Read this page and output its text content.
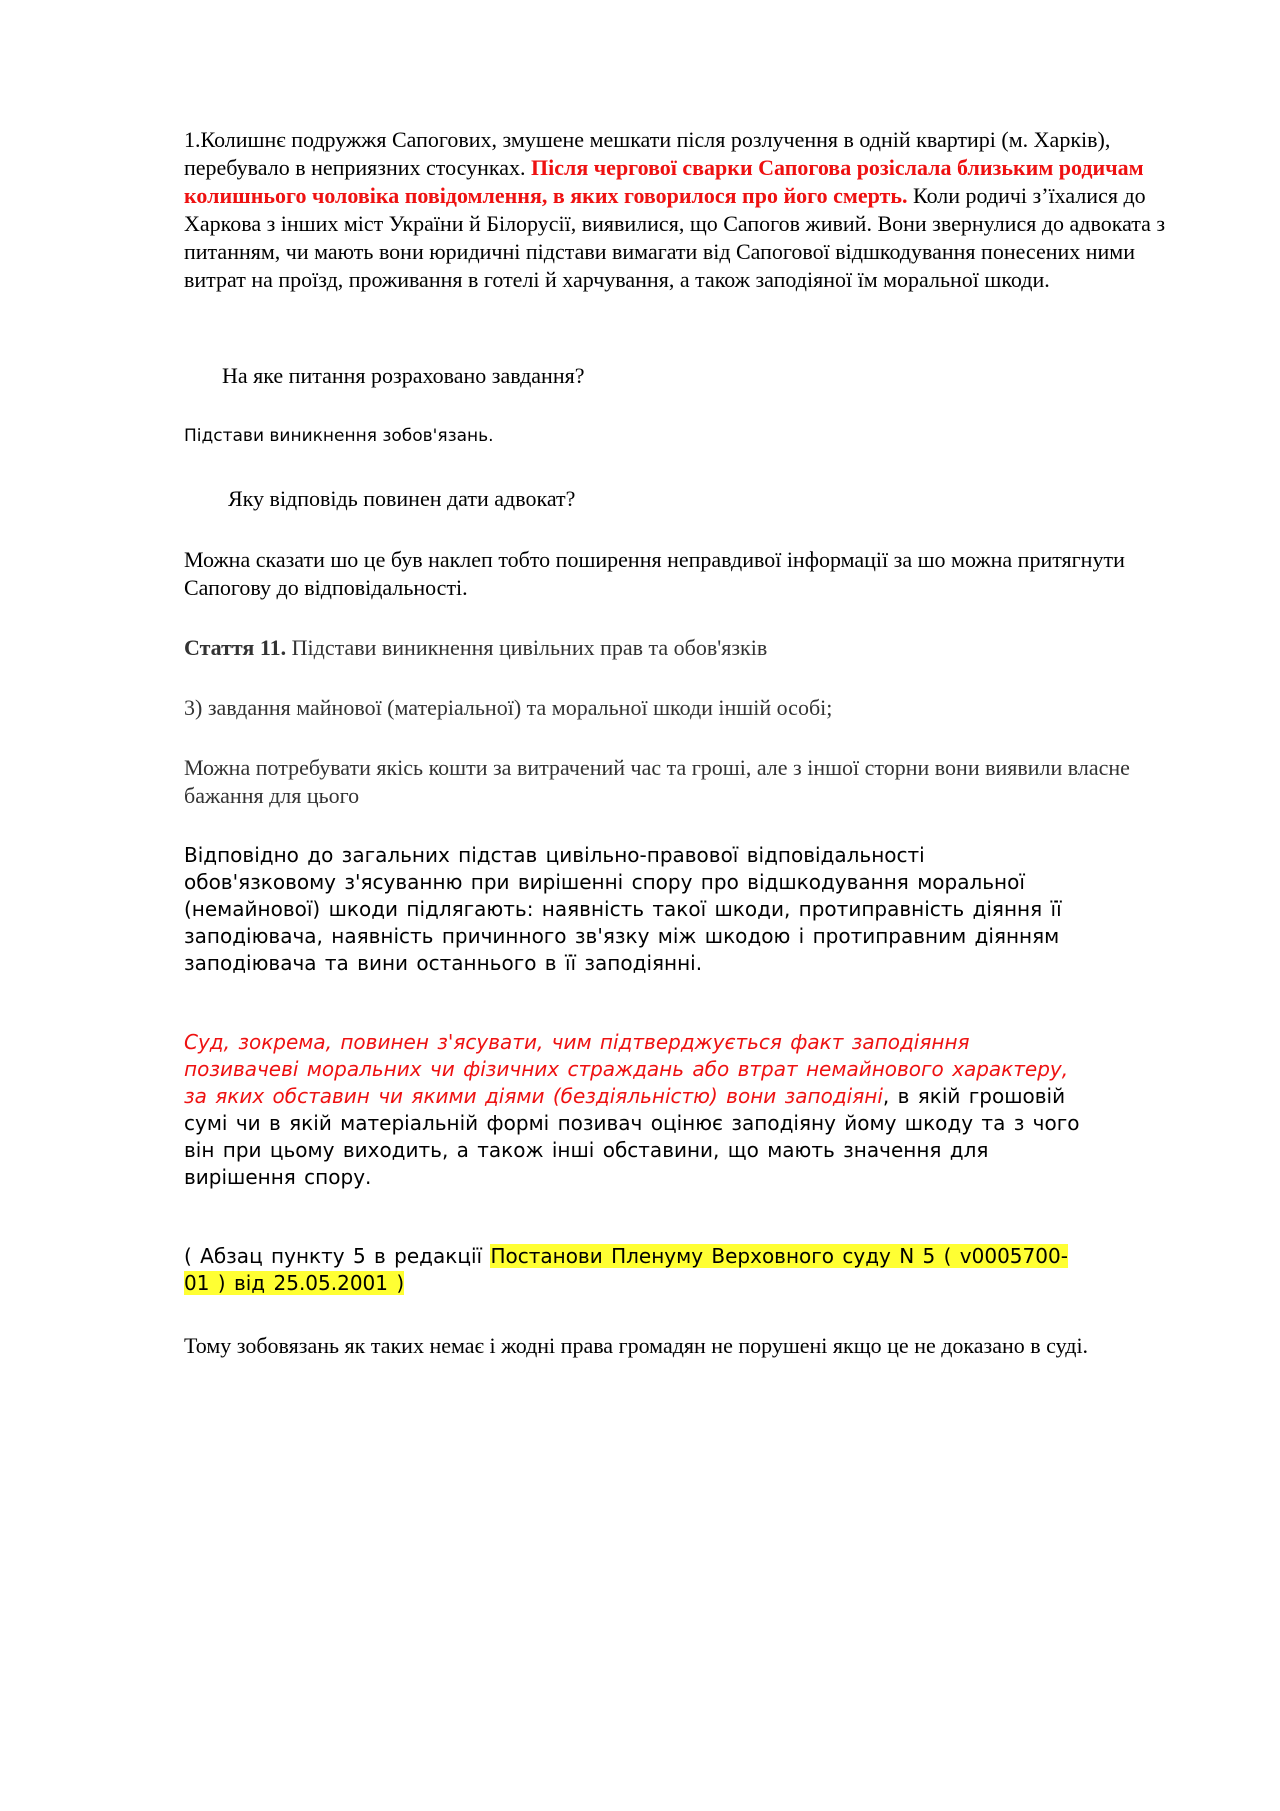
1.Колишнє подружжя Сапогових, змушене мешкати після розлучення в одній квартирі (м. Харків), перебувало в неприязних стосунках. Після чергової сварки Сапогова розіслала близьким родичам колишнього чоловіка повідомлення, в яких говорилося про його смерть. Коли родичі з’їхалися до Харкова з інших міст України й Білорусії, виявилися, що Сапогов живий. Вони звернулися до адвоката з питанням, чи мають вони юридичні підстави вимагати від Сапогової відшкодування понесених ними витрат на проїзд, проживання в готелі й харчування, а також заподіяної їм моральної шкоди.

На яке питання розраховано завдання?

Підстави виникнення зобов'язань.

Яку відповідь повинен дати адвокат?

Можна сказати шо це був наклеп тобто поширення неправдивої інформації за шо можна притягнути Сапогову до відповідальності.

Стаття 11. Підстави виникнення цивільних прав та обов'язків

3) завдання майнової (матеріальної) та моральної шкоди іншій особі;

Можна потребувати якісь кошти за витрачений час та гроші, але з іншої сторни вони виявили власне бажання для цього

Відповідно до загальних підстав цивільно-правової відповідальності обов'язковому з'ясуванню при вирішенні спору про відшкодування моральної (немайнової) шкоди підлягають: наявність такої шкоди, протиправність діяння її заподіювача, наявність причинного зв'язку між шкодою і протиправним діянням заподіювача та вини останнього в її заподіянні.

Суд, зокрема, повинен з'ясувати, чим підтверджується факт заподіяння позивачеві моральних чи фізичних страждань або втрат немайнового характеру, за яких обставин чи якими діями (бездіяльністю) вони заподіяні, в якій грошовій сумі чи в якій матеріальній формі позивач оцінює заподіяну йому шкоду та з чого він при цьому виходить, а також інші обставини, що мають значення для вирішення спору.

( Абзац пункту 5 в редакції Постанови Пленуму Верховного суду N 5 ( v0005700-01 ) від 25.05.2001 )

Тому зобовязань як таких немає і жодні права громадян не порушені якщо це не доказано в суді.
